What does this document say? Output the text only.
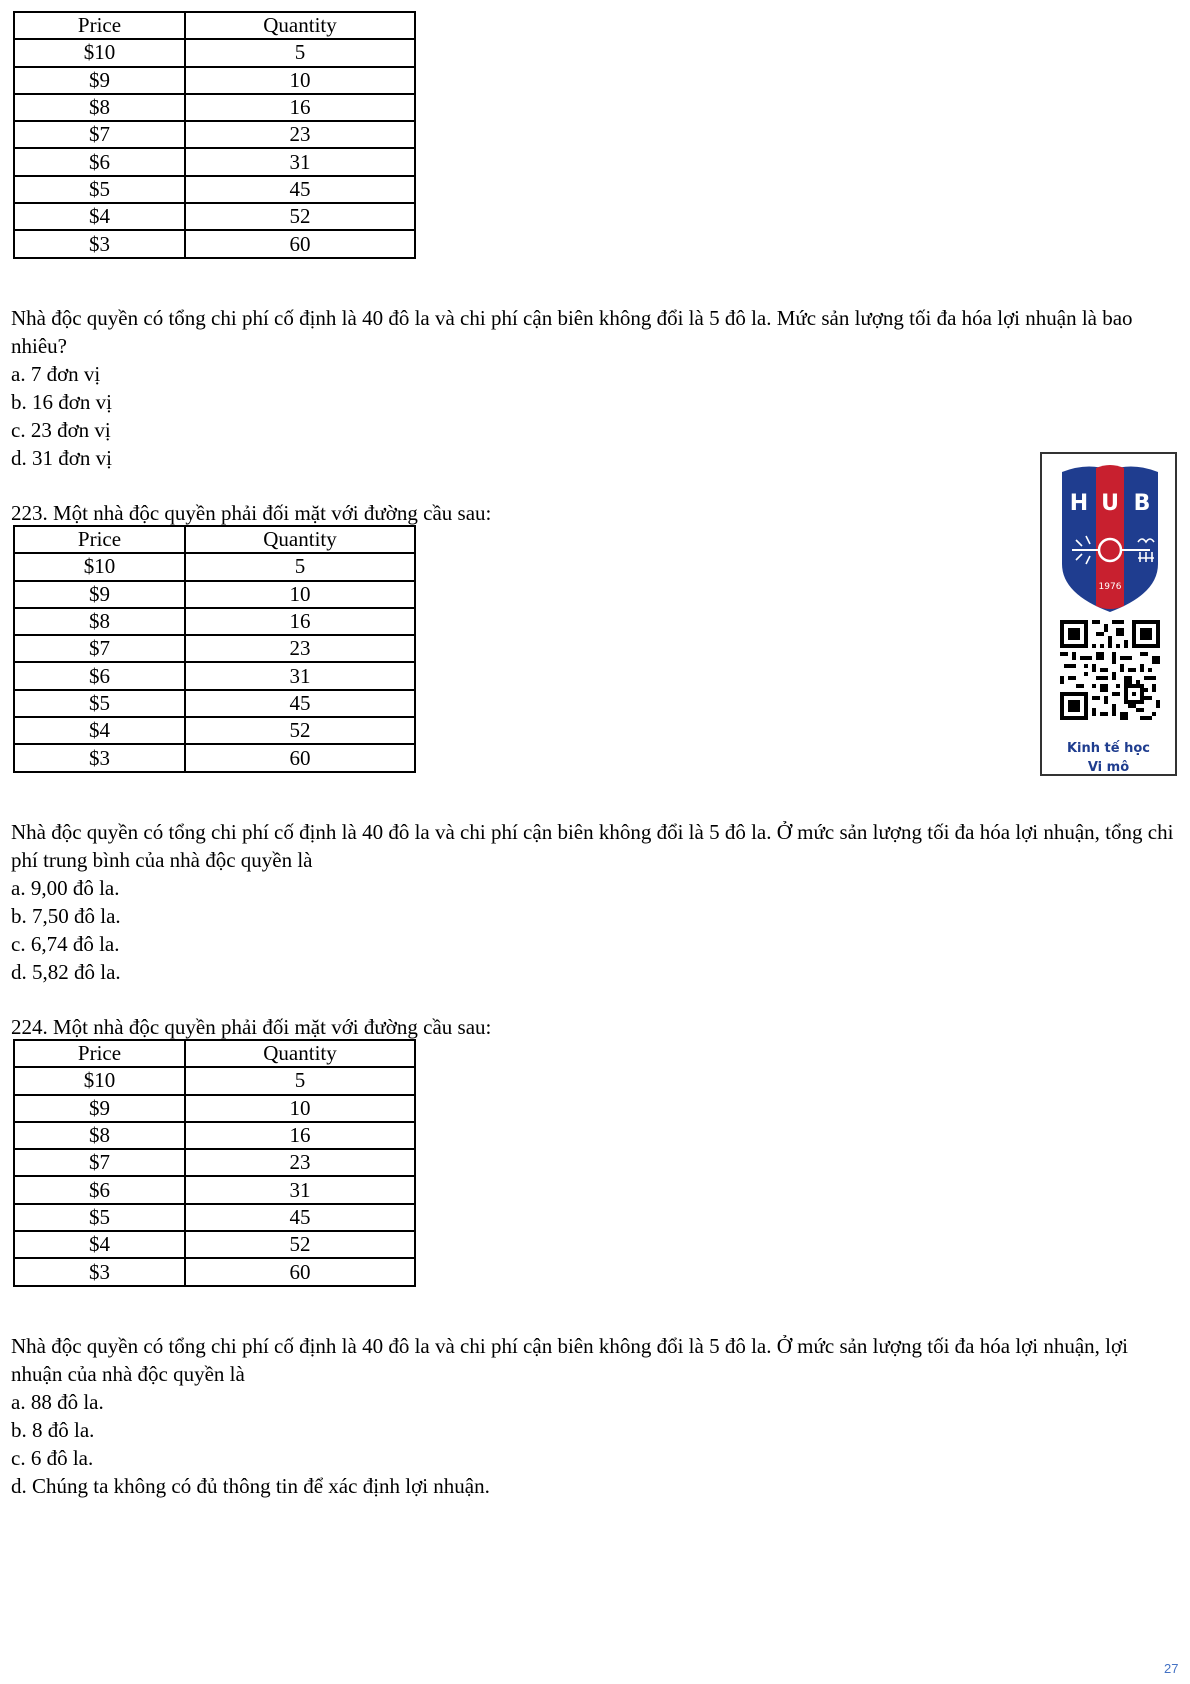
Price	Quantity
$10	5
$9	10
$8	16
$7	23
$6	31
$5	45
$4	52
$3	60
Nhà độc quyền có tổng chi phí cố định là 40 đô la và chi phí cận biên không đổi là 5 đô la. Mức sản lượng tối đa hóa lợi nhuận là bao nhiêu?
a. 7 đơn vị
b. 16 đơn vị
c. 23 đơn vị
d. 31 đơn vị
223. Một nhà độc quyền phải đối mặt với đường cầu sau:
Price	Quantity
$10	5
$9	10
$8	16
$7	23
$6	31
$5	45
$4	52
$3	60
Nhà độc quyền có tổng chi phí cố định là 40 đô la và chi phí cận biên không đổi là 5 đô la. Ở mức sản lượng tối đa hóa lợi nhuận, tổng chi phí trung bình của nhà độc quyền là
a. 9,00 đô la.
b. 7,50 đô la.
c. 6,74 đô la.
d. 5,82 đô la.
224. Một nhà độc quyền phải đối mặt với đường cầu sau:
Price	Quantity
$10	5
$9	10
$8	16
$7	23
$6	31
$5	45
$4	52
$3	60
Nhà độc quyền có tổng chi phí cố định là 40 đô la và chi phí cận biên không đổi là 5 đô la. Ở mức sản lượng tối đa hóa lợi nhuận, lợi nhuận của nhà độc quyền là
a. 88 đô la.
b. 8 đô la.
c. 6 đô la.
d. Chúng ta không có đủ thông tin để xác định lợi nhuận.
H U B
1976
Kinh tế học
Vi mô
27
